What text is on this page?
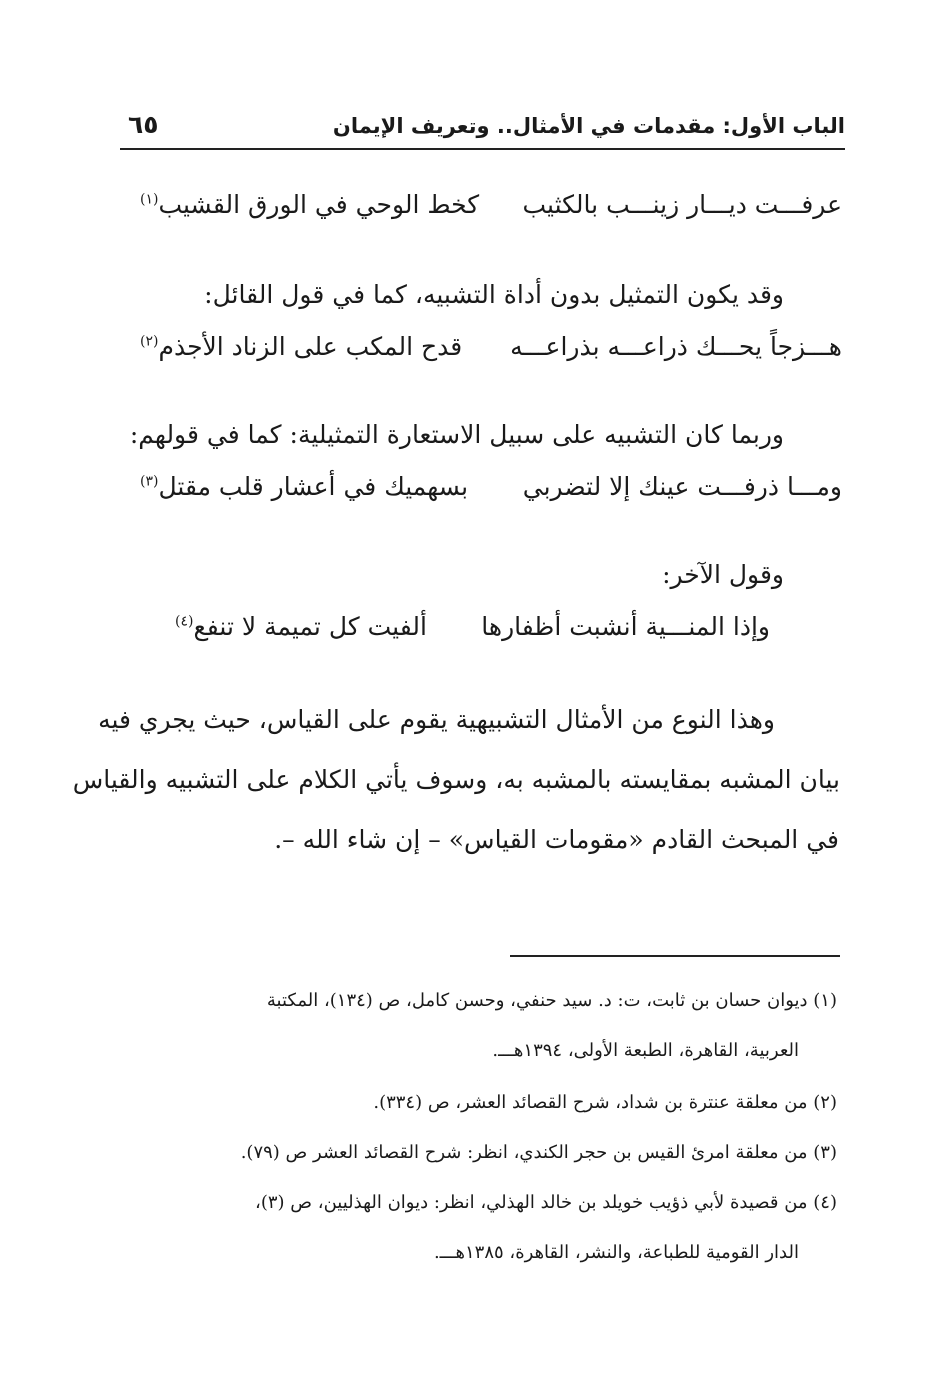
الباب الأول: مقدمات في الأمثال.. وتعريف الإيمان
٦٥
عرفـــت ديـــار زينـــب بالكثيب
كخط الوحي في الورق القشيب$^{(١)}$
وقد يكون التمثيل بدون أداة التشبيه، كما في قول القائل:
هـــزجاً يحـــك ذراعـــه بذراعـــه
قدح المكب على الزناد الأجذم$^{(٢)}$
وربما كان التشبيه على سبيل الاستعارة التمثيلية: كما في قولهم:
ومـــا ذرفـــت عينك إلا لتضربي
بسهميك في أعشار قلب مقتل$^{(٣)}$
وقول الآخر:
وإذا المنـــية أنشبت أظفارها
ألفيت كل تميمة لا تنفع$^{(٤)}$
وهذا النوع من الأمثال التشبيهية يقوم على القياس، حيث يجري فيه
بيان المشبه بمقايسته بالمشبه به، وسوف يأتي الكلام على التشبيه والقياس
في المبحث القادم «مقومات القياس» – إن شاء الله –.
(١) ديوان حسان بن ثابت، ت: د. سيد حنفي، وحسن كامل، ص (١٣٤)، المكتبة
العربية، القاهرة، الطبعة الأولى، ١٣٩٤هـــ.
(٢) من معلقة عنترة بن شداد، شرح القصائد العشر، ص (٣٣٤).
(٣) من معلقة امرئ القيس بن حجر الكندي، انظر: شرح القصائد العشر ص (٧٩).
(٤) من قصيدة لأبي ذؤيب خويلد بن خالد الهذلي، انظر: ديوان الهذليين، ص (٣)،
الدار القومية للطباعة، والنشر، القاهرة، ١٣٨٥هـــ.
